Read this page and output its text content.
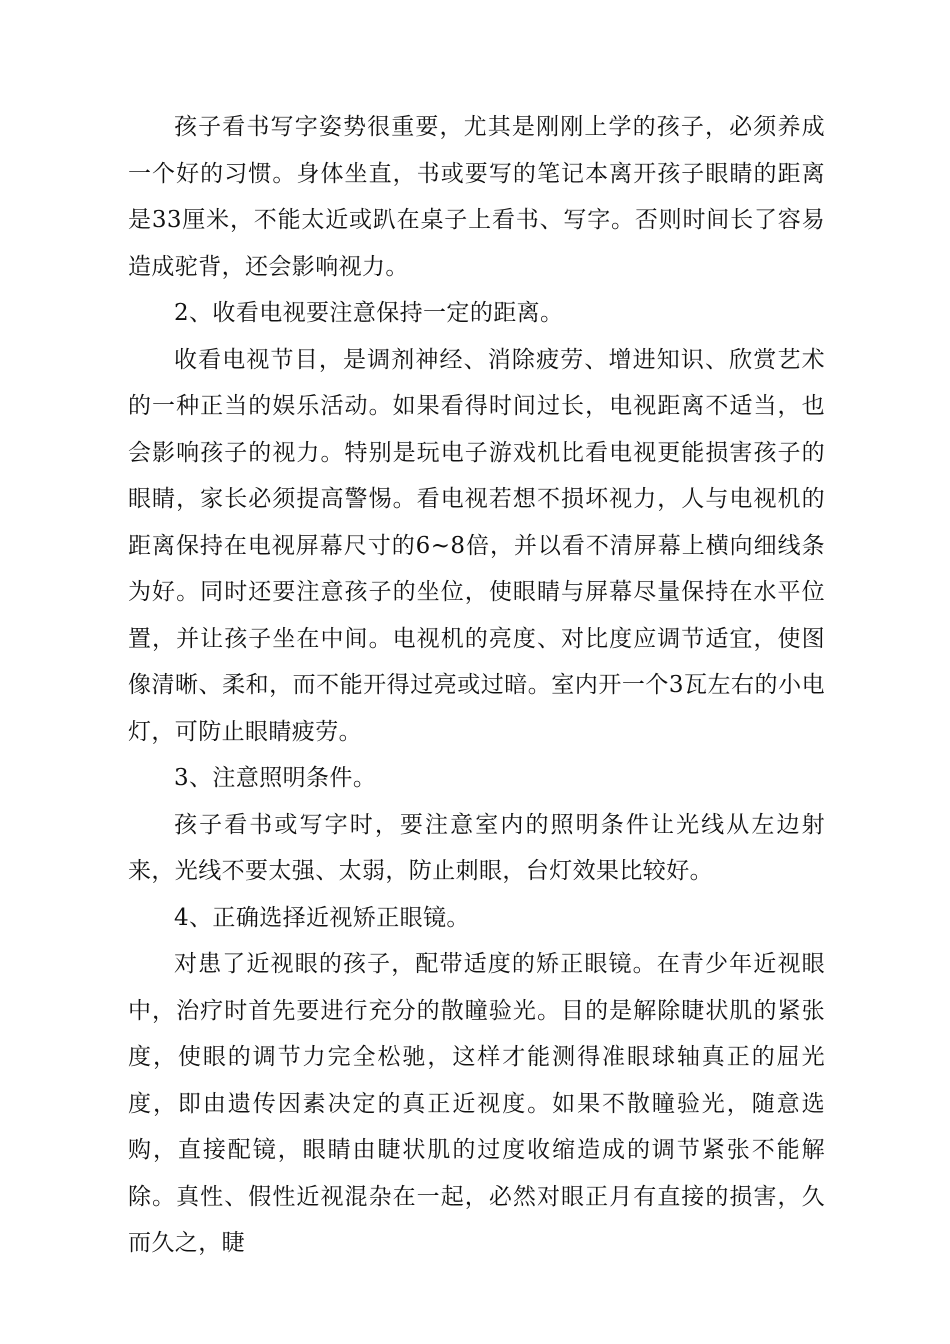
孩子看书写字姿势很重要，尤其是刚刚上学的孩子，必须养成一个好的习惯。身体坐直，书或要写的笔记本离开孩子眼睛的距离是33厘米，不能太近或趴在桌子上看书、写字。否则时间长了容易造成驼背，还会影响视力。

2、收看电视要注意保持一定的距离。

收看电视节目，是调剂神经、消除疲劳、增进知识、欣赏艺术的一种正当的娱乐活动。如果看得时间过长，电视距离不适当，也会影响孩子的视力。特别是玩电子游戏机比看电视更能损害孩子的眼睛，家长必须提高警惕。看电视若想不损坏视力，人与电视机的距离保持在电视屏幕尺寸的6~8倍，并以看不清屏幕上横向细线条为好。同时还要注意孩子的坐位，使眼睛与屏幕尽量保持在水平位置，并让孩子坐在中间。电视机的亮度、对比度应调节适宜，使图像清晰、柔和，而不能开得过亮或过暗。室内开一个3瓦左右的小电灯，可防止眼睛疲劳。

3、注意照明条件。

孩子看书或写字时，要注意室内的照明条件让光线从左边射来，光线不要太强、太弱，防止刺眼，台灯效果比较好。

4、正确选择近视矫正眼镜。

对患了近视眼的孩子，配带适度的矫正眼镜。在青少年近视眼中，治疗时首先要进行充分的散瞳验光。目的是解除睫状肌的紧张度，使眼的调节力完全松驰，这样才能测得准眼球轴真正的屈光度，即由遗传因素决定的真正近视度。如果不散瞳验光，随意选购，直接配镜，眼睛由睫状肌的过度收缩造成的调节紧张不能解除。真性、假性近视混杂在一起，必然对眼正月有直接的损害，久而久之，睫
